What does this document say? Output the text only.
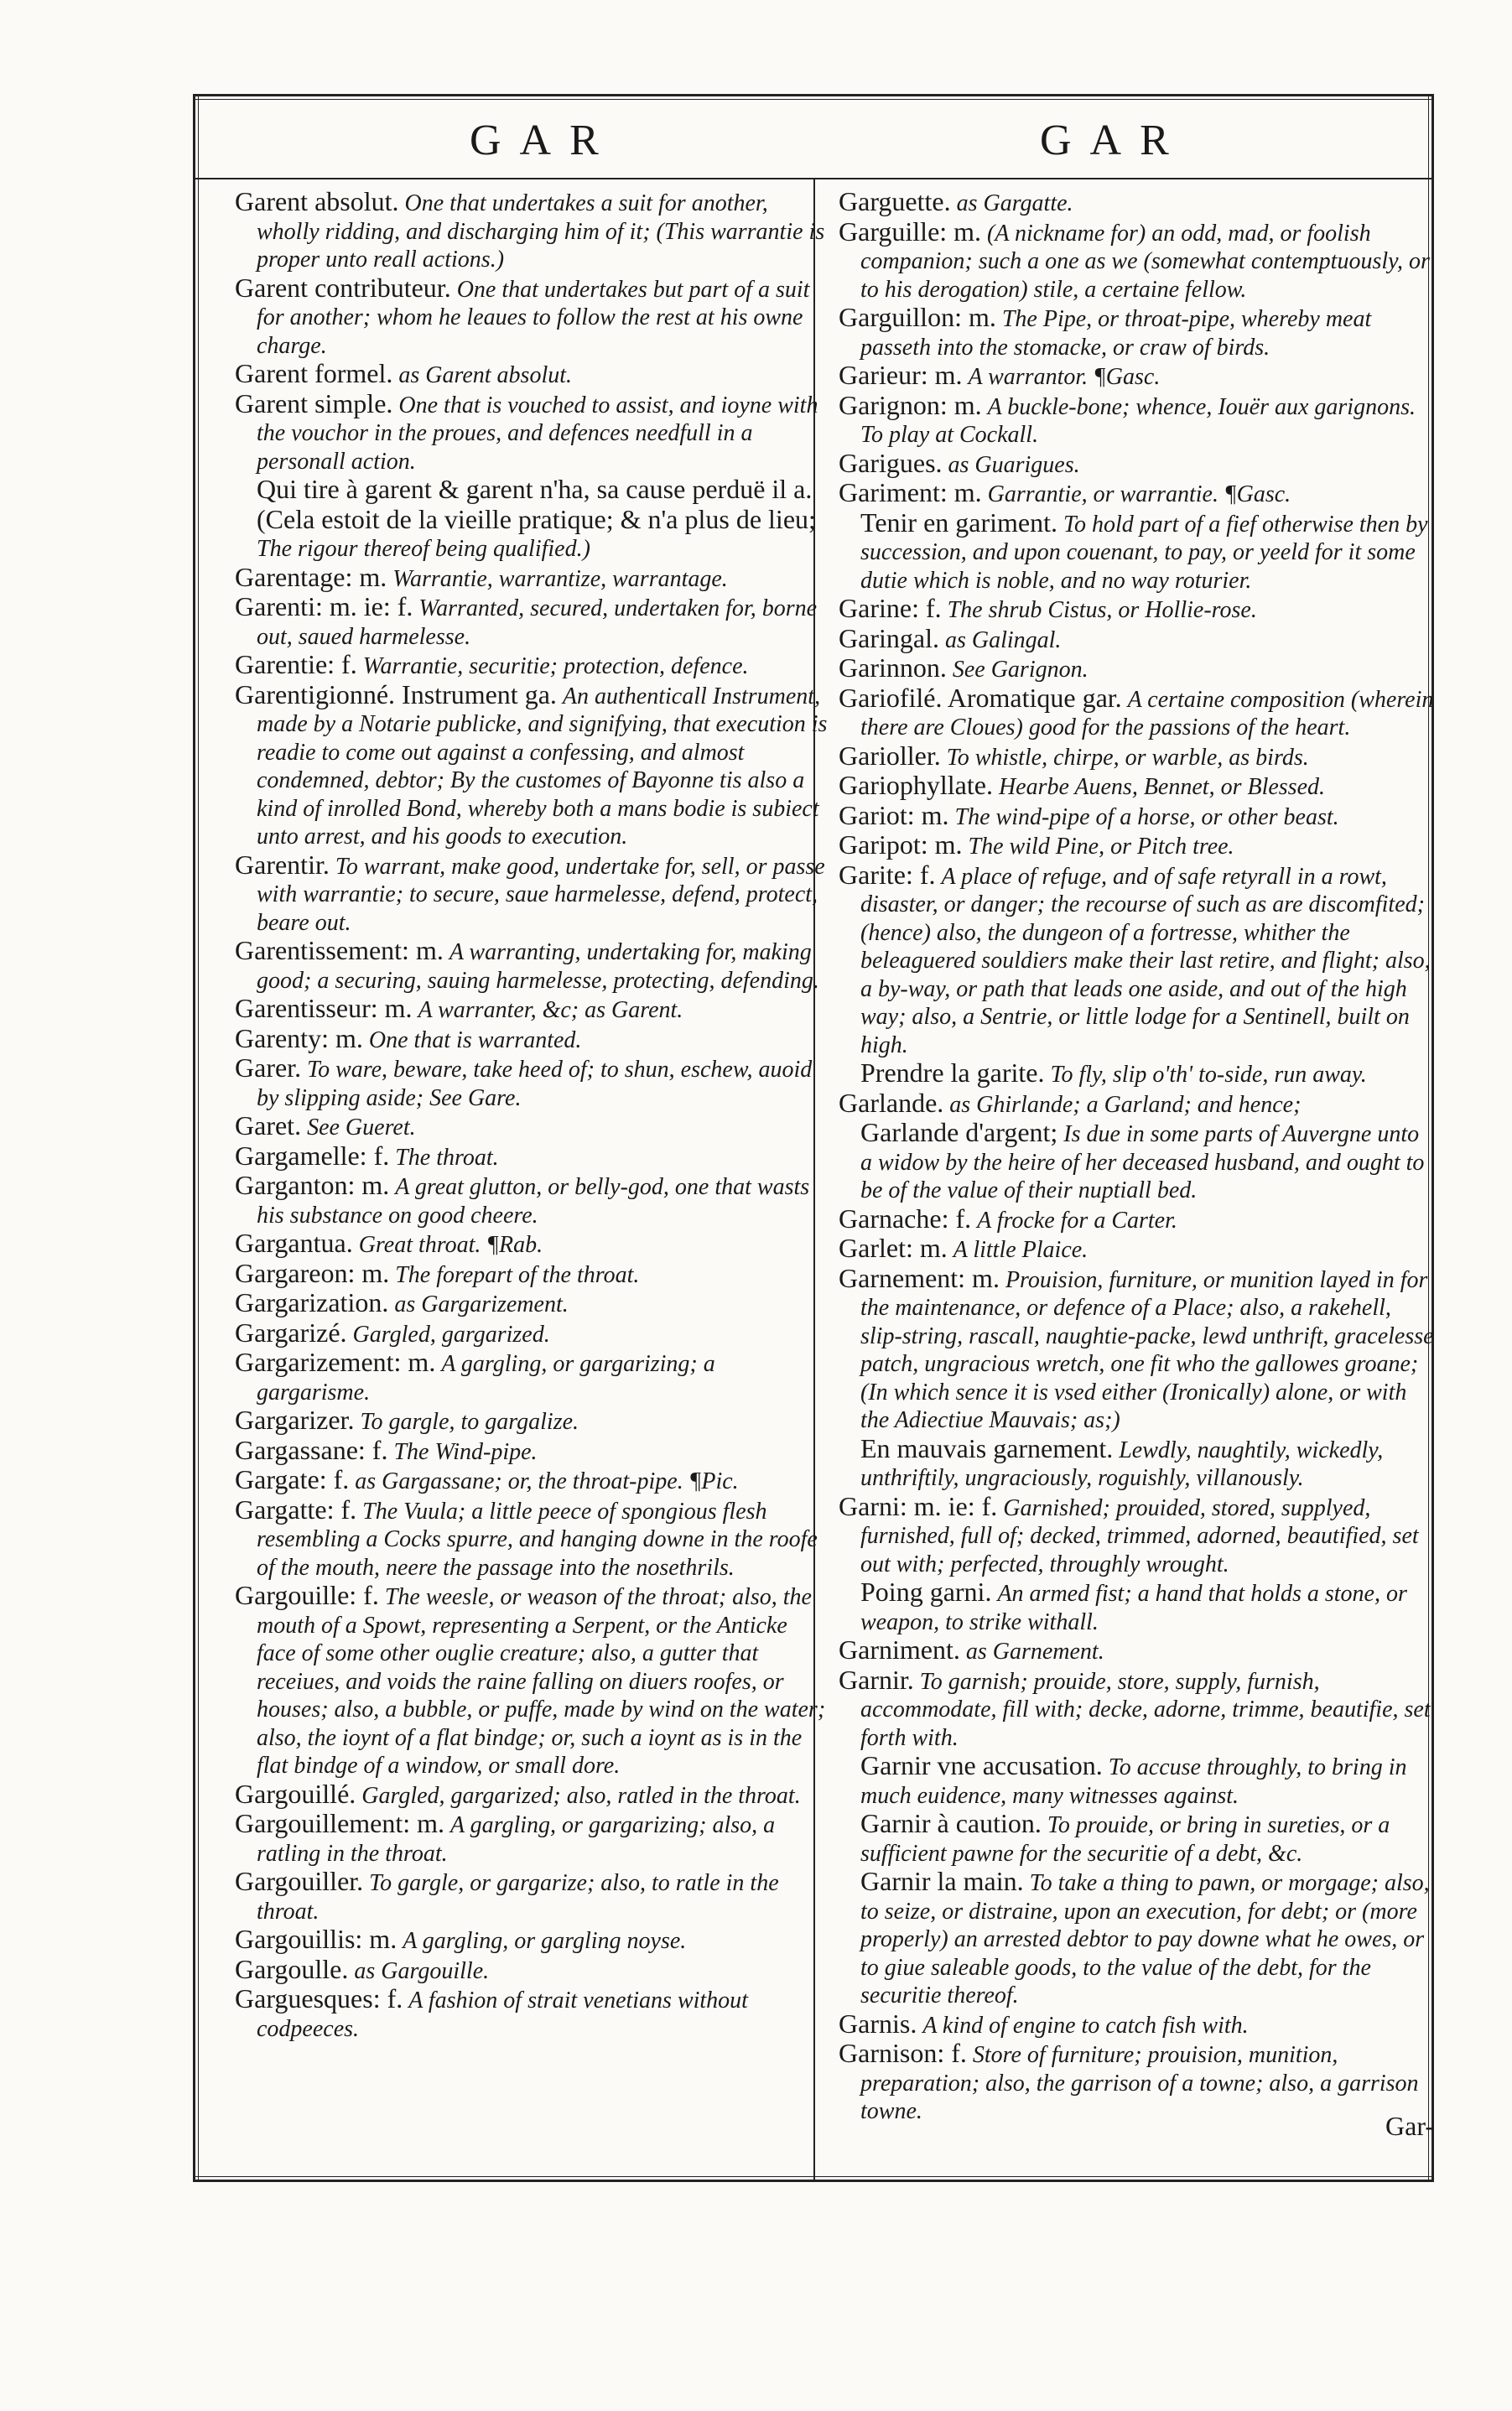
GAR	GAR

Garent absolut. One that undertakes a suit for another, wholly ridding, and discharging him of it; (This warrantie is proper unto reall actions.)

Garent contributeur. One that undertakes but part of a suit for another; whom he leaues to follow the rest at his owne charge.

Garent formel. as Garent absolut.

Garent simple. One that is vouched to assist, and ioyne with the vouchor in the proues, and defences needfull in a personall action.

Qui tire à garent & garent n'ha, sa cause perduë il a. (Cela estoit de la vieille pratique; & n'a plus de lieu; The rigour thereof being qualified.)

Garentage: m. Warrantie, warrantize, warrantage.

Garenti: m. ie: f. Warranted, secured, undertaken for, borne out, saued harmelesse.

Garentie: f. Warrantie, securitie; protection, defence.

Garentigionné. Instrument ga. An authenticall Instrument, made by a Notarie publicke, and signifying, that execution is readie to come out against a confessing, and almost condemned, debtor; By the customes of Bayonne tis also a kind of inrolled Bond, whereby both a mans bodie is subiect unto arrest, and his goods to execution.

Garentir. To warrant, make good, undertake for, sell, or passe with warrantie; to secure, saue harmelesse, defend, protect, beare out.

Garentissement: m. A warranting, undertaking for, making good; a securing, sauing harmelesse, protecting, defending.

Garentisseur: m. A warranter, &c; as Garent.

Garenty: m. One that is warranted.

Garer. To ware, beware, take heed of; to shun, eschew, auoid by slipping aside; See Gare.

Garet. See Gueret.

Gargamelle: f. The throat.

Garganton: m. A great glutton, or belly-god, one that wasts his substance on good cheere.

Gargantua. Great throat. ¶Rab.

Gargareon: m. The forepart of the throat.

Gargarization. as Gargarizement.

Gargarizé. Gargled, gargarized.

Gargarizement: m. A gargling, or gargarizing; a gargarisme.

Gargarizer. To gargle, to gargalize.

Gargassane: f. The Wind-pipe.

Gargate: f. as Gargassane; or, the throat-pipe. ¶Pic.

Gargatte: f. The Vuula; a little peece of spongious flesh resembling a Cocks spurre, and hanging downe in the roofe of the mouth, neere the passage into the nosethrils.

Gargouille: f. The weesle, or weason of the throat; also, the mouth of a Spowt, representing a Serpent, or the Anticke face of some other ouglie creature; also, a gutter that receiues, and voids the raine falling on diuers roofes, or houses; also, a bubble, or puffe, made by wind on the water; also, the ioynt of a flat bindge; or, such a ioynt as is in the flat bindge of a window, or small dore.

Gargouillé. Gargled, gargarized; also, ratled in the throat.

Gargouillement: m. A gargling, or gargarizing; also, a ratling in the throat.

Gargouiller. To gargle, or gargarize; also, to ratle in the throat.

Gargouillis: m. A gargling, or gargling noyse.

Gargoulle. as Gargouille.

Garguesques: f. A fashion of strait venetians without codpeeces.

Garguette. as Gargatte.

Garguille: m. (A nickname for) an odd, mad, or foolish companion; such a one as we (somewhat contemptuously, or to his derogation) stile, a certaine fellow.

Garguillon: m. The Pipe, or throat-pipe, whereby meat passeth into the stomacke, or craw of birds.

Garieur: m. A warrantor. ¶Gasc.

Garignon: m. A buckle-bone; whence, Iouër aux garignons. To play at Cockall.

Garigues. as Guarigues.

Gariment: m. Garrantie, or warrantie. ¶Gasc.

Tenir en gariment. To hold part of a fief otherwise then by succession, and upon couenant, to pay, or yeeld for it some dutie which is noble, and no way roturier.

Garine: f. The shrub Cistus, or Hollie-rose.

Garingal. as Galingal.

Garinnon. See Garignon.

Gariofilé. Aromatique gar. A certaine composition (wherein there are Cloues) good for the passions of the heart.

Garioller. To whistle, chirpe, or warble, as birds.

Gariophyllate. Hearbe Auens, Bennet, or Blessed.

Gariot: m. The wind-pipe of a horse, or other beast.

Garipot: m. The wild Pine, or Pitch tree.

Garite: f. A place of refuge, and of safe retyrall in a rowt, disaster, or danger; the recourse of such as are discomfited; (hence) also, the dungeon of a fortresse, whither the beleaguered souldiers make their last retire, and flight; also, a by-way, or path that leads one aside, and out of the high way; also, a Sentrie, or little lodge for a Sentinell, built on high.

Prendre la garite. To fly, slip o'th' to-side, run away.

Garlande. as Ghirlande; a Garland; and hence;

Garlande d'argent; Is due in some parts of Auvergne unto a widow by the heire of her deceased husband, and ought to be of the value of their nuptiall bed.

Garnache: f. A frocke for a Carter.

Garlet: m. A little Plaice.

Garnement: m. Prouision, furniture, or munition layed in for the maintenance, or defence of a Place; also, a rakehell, slip-string, rascall, naughtie-packe, lewd unthrift, gracelesse patch, ungracious wretch, one fit who the gallowes groane; (In which sence it is vsed either (Ironically) alone, or with the Adiectiue Mauvais; as;)

En mauvais garnement. Lewdly, naughtily, wickedly, unthriftily, ungraciously, roguishly, villanously.

Garni: m. ie: f. Garnished; prouided, stored, supplyed, furnished, full of; decked, trimmed, adorned, beautified, set out with; perfected, throughly wrought.

Poing garni. An armed fist; a hand that holds a stone, or weapon, to strike withall.

Garniment. as Garnement.

Garnir. To garnish; prouide, store, supply, furnish, accommodate, fill with; decke, adorne, trimme, beautifie, set forth with.

Garnir vne accusation. To accuse throughly, to bring in much euidence, many witnesses against.

Garnir à caution. To prouide, or bring in sureties, or a sufficient pawne for the securitie of a debt, &c.

Garnir la main. To take a thing to pawn, or morgage; also, to seize, or distraine, upon an execution, for debt; or (more properly) an arrested debtor to pay downe what he owes, or to giue saleable goods, to the value of the debt, for the securitie thereof.

Garnis. A kind of engine to catch fish with.

Garnison: f. Store of furniture; prouision, munition, preparation; also, the garrison of a towne; also, a garrison towne.	Gar-
